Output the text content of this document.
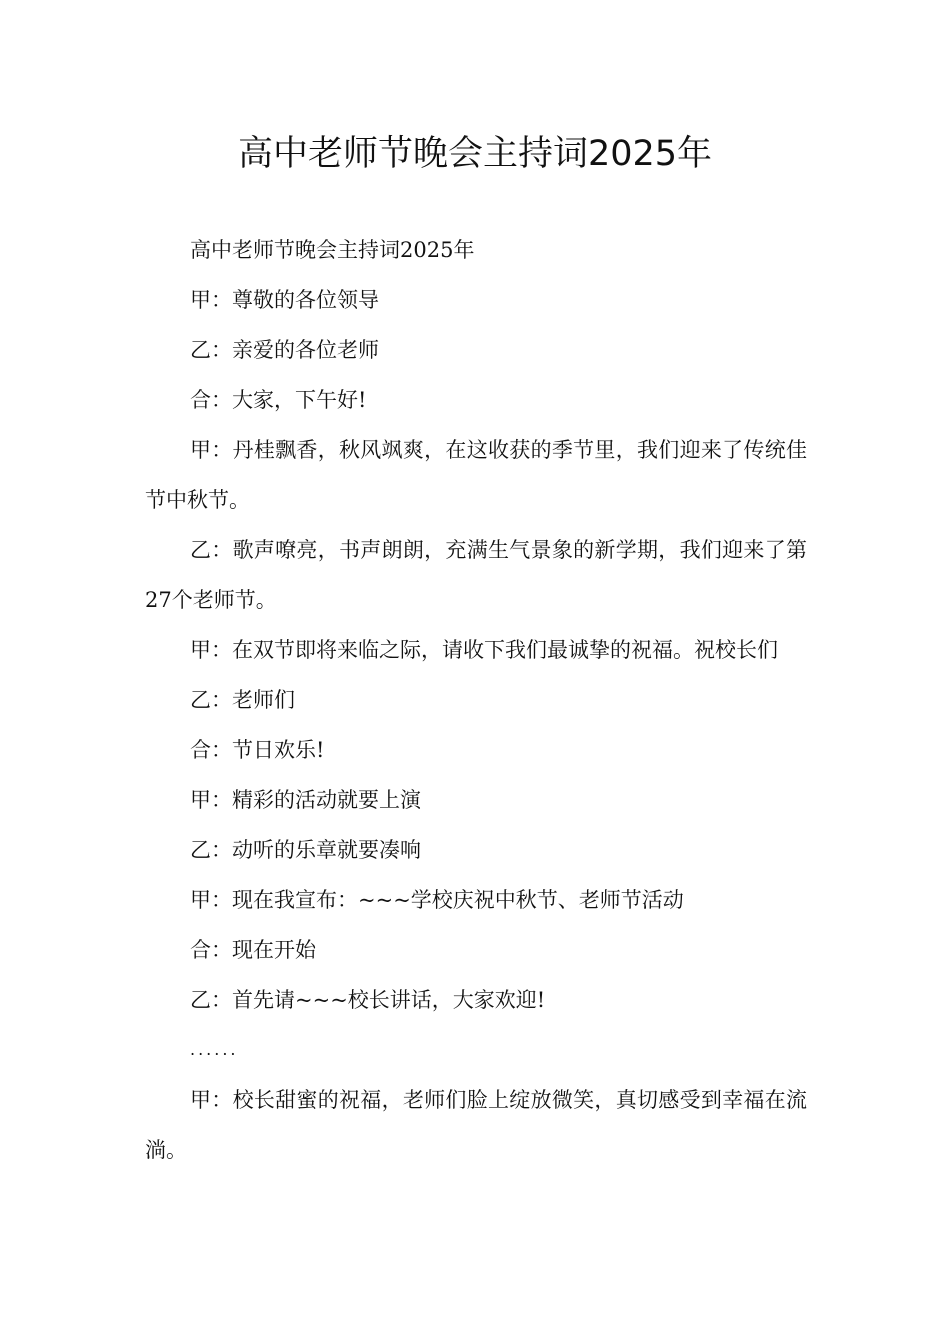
高中老师节晚会主持词2025年

高中老师节晚会主持词2025年

甲：尊敬的各位领导

乙：亲爱的各位老师

合：大家，下午好!

甲：丹桂飘香，秋风飒爽，在这收获的季节里，我们迎来了传统佳节中秋节。

乙：歌声嘹亮，书声朗朗，充满生气景象的新学期，我们迎来了第27个老师节。

甲：在双节即将来临之际，请收下我们最诚挚的祝福。祝校长们

乙：老师们

合：节日欢乐!

甲：精彩的活动就要上演

乙：动听的乐章就要凑响

甲：现在我宣布：~~~学校庆祝中秋节、老师节活动

合：现在开始

乙：首先请~~~校长讲话，大家欢迎!

......

甲：校长甜蜜的祝福，老师们脸上绽放微笑，真切感受到幸福在流淌。
